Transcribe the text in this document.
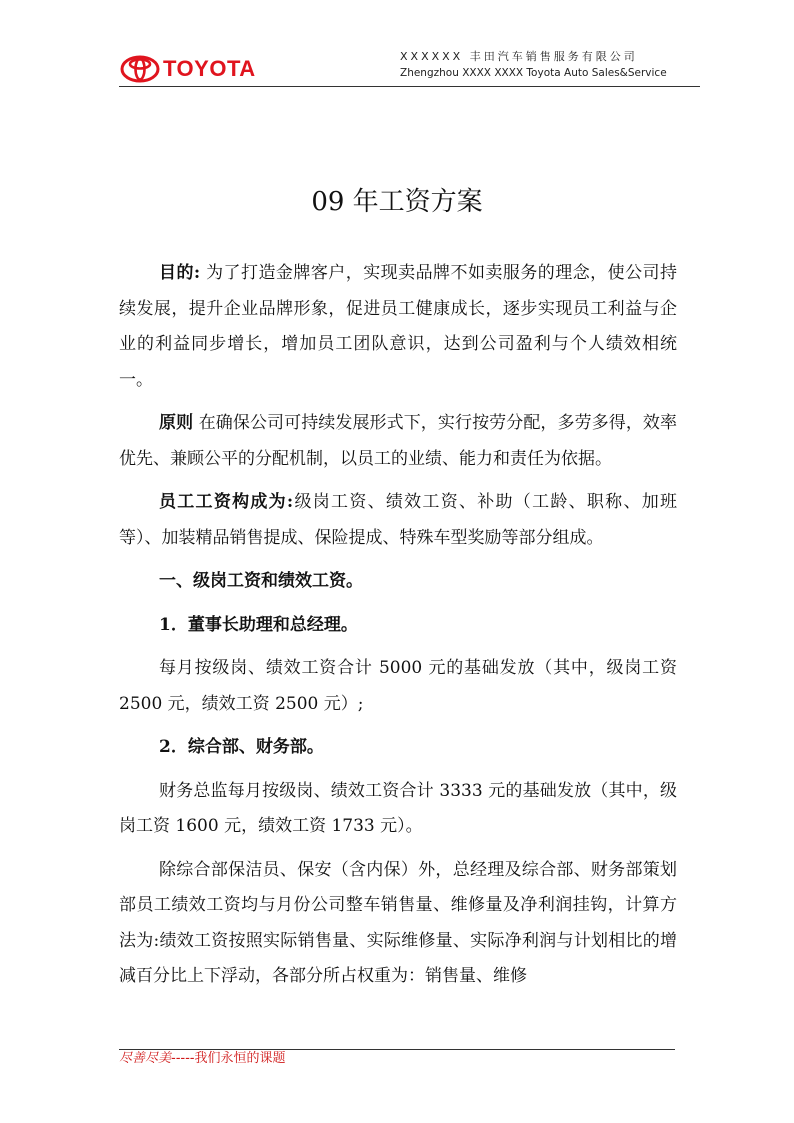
TOYOTA	XXXXXX 丰田汽车销售服务有限公司
Zhengzhou XXXX XXXX Toyota Auto Sales&Service
09 年工资方案

目的: 为了打造金牌客户，实现卖品牌不如卖服务的理念，使公司持续发展，提升企业品牌形象，促进员工健康成长，逐步实现员工利益与企业的利益同步增长，增加员工团队意识，达到公司盈利与个人绩效相统一。

原则 在确保公司可持续发展形式下，实行按劳分配，多劳多得，效率优先、兼顾公平的分配机制，以员工的业绩、能力和责任为依据。

员工工资构成为:级岗工资、绩效工资、补助（工龄、职称、加班等）、加装精品销售提成、保险提成、特殊车型奖励等部分组成。

一、级岗工资和绩效工资。

1．董事长助理和总经理。

每月按级岗、绩效工资合计 5000 元的基础发放（其中，级岗工资 2500 元，绩效工资 2500 元）;

2．综合部、财务部。

财务总监每月按级岗、绩效工资合计 3333 元的基础发放（其中，级岗工资 1600 元，绩效工资 1733 元）。

除综合部保洁员、保安（含内保）外，总经理及综合部、财务部策划部员工绩效工资均与月份公司整车销售量、维修量及净利润挂钩，计算方法为:绩效工资按照实际销售量、实际维修量、实际净利润与计划相比的增减百分比上下浮动，各部分所占权重为：销售量、维修

尽善尽美-----我们永恒的课题
